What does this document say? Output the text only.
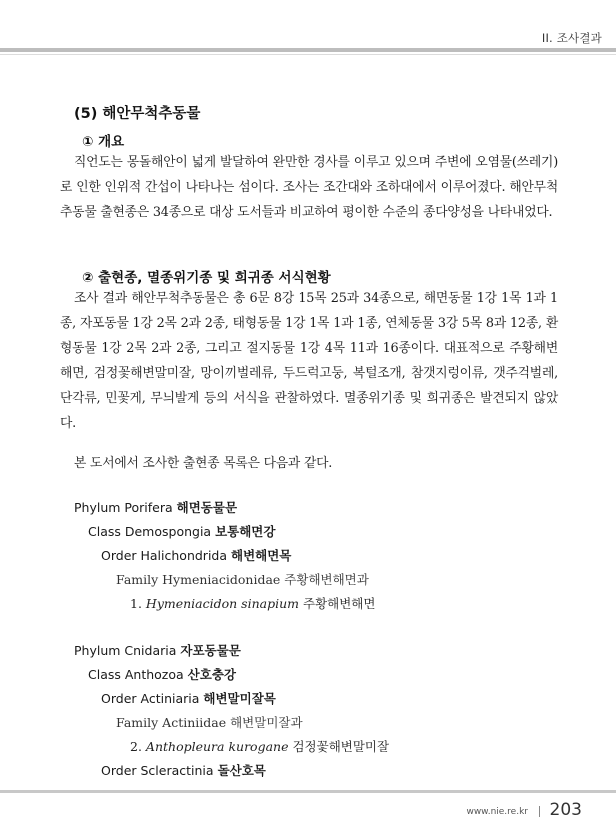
II. 조사결과
(5) 해안무척추동물
① 개요
직언도는 몽돌해안이 넓게 발달하여 완만한 경사를 이루고 있으며 주변에 오염물(쓰레기)로 인한 인위적 간섭이 나타나는 섬이다. 조사는 조간대와 조하대에서 이루어졌다. 해안무척추동물 출현종은 34종으로 대상 도서들과 비교하여 평이한 수준의 종다양성을 나타내었다.
② 출현종, 멸종위기종 및 희귀종 서식현황
조사 결과 해안무척추동물은 총 6문 8강 15목 25과 34종으로, 해면동물 1강 1목 1과 1종, 자포동물 1강 2목 2과 2종, 태형동물 1강 1목 1과 1종, 연체동물 3강 5목 8과 12종, 환형동물 1강 2목 2과 2종, 그리고 절지동물 1강 4목 11과 16종이다. 대표적으로 주황해변해면, 검정꽃해변말미잘, 망이끼벌레류, 두드럭고둥, 복털조개, 참갯지렁이류, 갯주걱벌레, 단각류, 민꽃게, 무늬발게 등의 서식을 관찰하였다. 멸종위기종 및 희귀종은 발견되지 않았다.
본 도서에서 조사한 출현종 목록은 다음과 같다.
Phylum Porifera 해면동물문
Class Demospongia 보통해면강
Order Halichondrida 해변해면목
Family Hymeniacidonidae 주황해변해면과
1. Hymeniacidon sinapium 주황해변해면
Phylum Cnidaria 자포동물문
Class Anthozoa 산호충강
Order Actiniaria 해변말미잘목
Family Actiniidae 해변말미잘과
2. Anthopleura kurogane 검정꽃해변말미잘
Order Scleractinia 돌산호목
www.nie.re.kr 203
